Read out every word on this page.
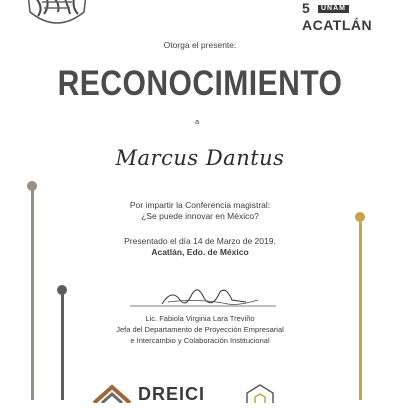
5	UNAM
ACATLÁN
Otorga el presente:
RECONOCIMIENTO
a
Marcus Dantus
Por impartir la Conferencia magistral:
¿Se puede innovar en México?
Presentado el día 14 de Marzo de 2019.
Acatlán, Edo. de México
Lic. Fabiola Virginia Lara Treviño
Jefa del Departamento de Proyección Empresarial
e Intercambio y Colaboración Institucional
DREICI
